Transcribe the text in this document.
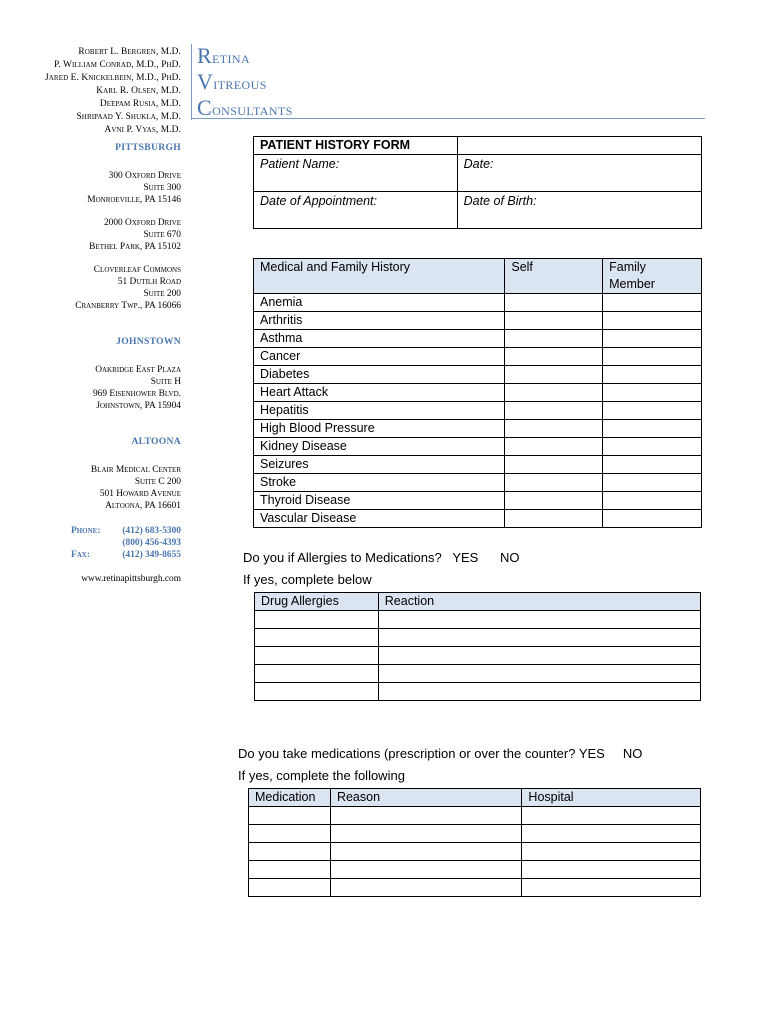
Robert L. Bergren, M.D.
P. William Conrad, M.D., PhD.
Jared E. Knickelbein, M.D., PhD.
Karl R. Olsen, M.D.
Deepam Rusia, M.D.
Shripaad Y. Shukla, M.D.
Avni P. Vyas, M.D.
Retina
Vitreous
Consultants
PITTSBURGH
300 Oxford Drive
Suite 300
Monroeville, PA 15146
2000 Oxford Drive
Suite 670
Bethel Park, PA 15102
Cloverleaf Commons
51 Dutilh Road
Suite 200
Cranberry Twp., PA 16066
JOHNSTOWN
Oakridge East Plaza
Suite H
969 Eisenhower Blvd.
Johnstown, PA 15904
ALTOONA
Blair Medical Center
Suite C 200
501 Howard Avenue
Altoona, PA 16601
Phone:	(412) 683-5300
(800) 456-4393
Fax:	(412) 349-8655
www.retinapittsburgh.com
PATIENT HISTORY FORM	
Patient Name:	Date:
Date of Appointment:	Date of Birth:
Medical and Family History	Self	Family
Member
Anemia		
Arthritis		
Asthma		
Cancer		
Diabetes		
Heart Attack		
Hepatitis		
High Blood Pressure		
Kidney Disease		
Seizures		
Stroke		
Thyroid Disease		
Vascular Disease		
Do you if Allergies to Medications? YES NO
If yes, complete below
Drug Allergies	Reaction

Do you take medications (prescription or over the counter? YES NO
If yes, complete the following
Medication	Reason	Hospital
